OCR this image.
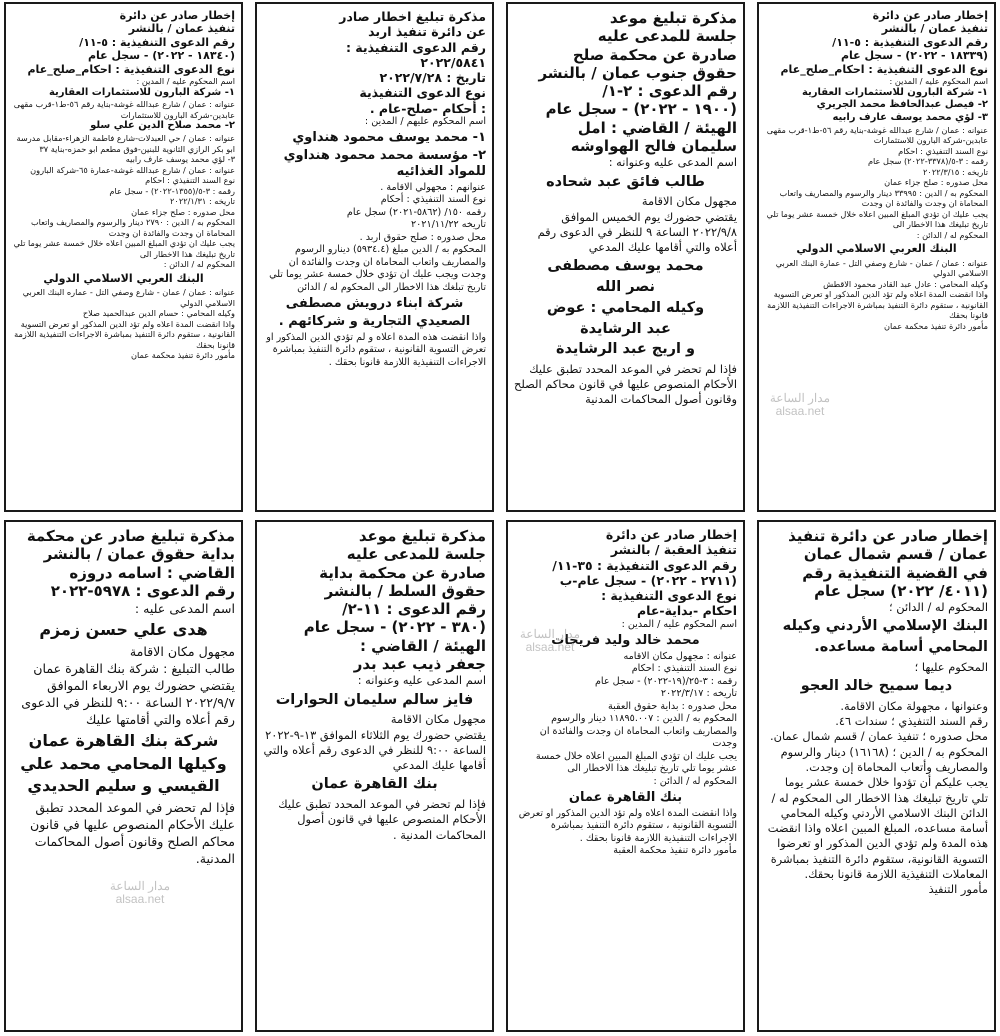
إخطار صادر عن دائرة

تنفيذ عمان / بالنشر

رقم الدعوى التنفيذية : ٥-١١/

(١٨٣٣٩ - ٢٠٢٢) - سجل عام

نوع الدعوى التنفيذية : احكام_صلح_عام

اسم المحكوم عليه / المدين :

١- شركة البارون للاستثمارات العقارية

٢- فيصل عبدالحافظ محمد الجريري

٣- لؤي محمد يوسف عارف رابيه

عنوانه : عمان / شارع عبدالله غوشة-بناية رقم ٥٦-ط١-قرب مقهى عابدين-شركة البارون للاستثمارات

نوع السند التنفيذي : احكام

رقمه : ٣-٥/(٣٣٧٨-٢٠٢٢) سجل عام

تاريخه : ٢٠٢٢/٣/١٥

محل صدوره : صلح جزاء عمان

المحكوم به / الدين : ٣٣٩٩٥ دينار والرسوم والمصاريف واتعاب المحاماة ان وجدت والفائدة ان وجدت

يجب عليك ان تؤدي المبلغ المبين اعلاه خلال خمسة عشر يوما تلي تاريخ تبليغك هذا الاخطار الى

المحكوم له / الدائن :

البنك العربي الاسلامي الدولي

عنوانه : عمان / عمان - شارع وصفي التل - عمارة البنك العربي الاسلامي الدولي

وكيله المحامي : عادل عبد القادر محمود الاقطش

واذا انقضت المدة اعلاه ولم تؤد الدين المذكور او تعرض التسوية القانونية ، ستقوم دائرة التنفيذ بمباشرة الاجراءات التنفيذية اللازمة قانونا بحقك

مأمور دائرة تنفيذ محكمة عمان

مذكرة تبليغ موعد

جلسة للمدعى عليه

صادرة عن محكمة صلح

حقوق جنوب عمان / بالنشر

رقم الدعوى : ٢-١/

(١٩٠٠ - ٢٠٢٢) - سجل عام

الهيئة / القاضي : امل

سليمان فالح الهواوشه

اسم المدعى عليه وعنوانه :

طالب فائق عبد شحاده

مجهول مكان الاقامة

يقتضي حضورك يوم الخميس الموافق ٢٠٢٢/٩/٨ الساعة ٩ للنظر في الدعوى رقم أعلاه والتي أقامها عليك المدعي

محمد يوسف مصطفى

نصر الله

وكيله المحامي : عوض

عبد الرشايدة

و اريج عبد الرشايدة

فإذا لم تحضر في الموعد المحدد تطبق عليك الأحكام المنصوص عليها في قانون محاكم الصلح وقانون أصول المحاكمات المدنية

مذكرة تبليغ اخطار صادر

عن دائرة تنفيذ اربد

رقم الدعوى التنفيذية :

٢٠٢٢/٥٨٤١

تاريخ : ٢٠٢٢/٧/٢٨

نوع الدعوى التنفيذية

: أحكام -صلح-عام .

اسم المحكوم عليهم / المدين :

١- محمد يوسف محمود هنداوي

٢- مؤسسة محمد محمود هنداوي للمواد الغذائيه

عنوانهم : مجهولي الاقامة .

نوع السند التنفيذي : أحكام

رقمه ١٥٠/ (٥٨٦٢-٢٠٢١) سجل عام

تاريخه ٢٠٢١/١١/٢٢

محل صدوره : صلح حقوق اربد .

المحكوم به / الدين مبلغ (٥٩٣٤.٤) دينارو الرسوم والمصاريف واتعاب المحاماة ان وجدت والفائدة ان وجدت ويجب عليك ان تؤدي خلال خمسة عشر يوما تلي تاريخ تبلغك هذا الاخطار الى المحكوم له / الدائن

شركة ابناء درويش مصطفى

الصعيدي التجارية و شركائهم .

واذا انقضت هذه المدة اعلاه و لم تؤدي الدين المذكور او تعرض التسوية القانونية ، ستقوم دائرة التنفيذ بمباشرة الاجراءات التنفيذية اللازمة قانونا بحقك .

إخطار صادر عن دائرة

تنفيذ عمان / بالنشر

رقم الدعوى التنفيذية : ٥-١١/

(١٨٣٤٠ - ٢٠٢٢) - سجل عام

نوع الدعوى التنفيذية : احكام_صلح_عام

اسم المحكوم عليه / المدين :

١- شركة البارون للاستثمارات العقارية

عنوانه : عمان / شارع عبدالله غوشة-بناية رقم ٥٦-ط١-قرب مقهى عابدين-شركة البارون للاستثمارات

٢- محمد صلاح الدين علي سلو

عنوانه : عمان / حي العبدلات-شارع فاطمة الزهراء-مقابل مدرسة ابو بكر الرازي الثانوية للبنين-فوق مطعم ابو حمزه-بناية ٣٧

٣- لؤي محمد يوسف عارف رابيه

عنوانه : عمان / شارع عبدالله غوشة-عمارة ٦٥-شركة البارون

نوع السند التنفيذي : احكام

رقمه : ٣-٥/(١٣٥٥-٢٠٢٢) - سجل عام

تاريخه : ٢٠٢٢/١/٣١

محل صدوره : صلح جزاء عمان

المحكوم به / الدين : ٢٧٩٠ دينار والرسوم والمصاريف واتعاب المحاماة ان وجدت والفائدة ان وجدت

يجب عليك ان تؤدي المبلغ المبين اعلاه خلال خمسة عشر يوما تلي تاريخ تبليغك هذا الاخطار الى

المحكوم له / الدائن :

البنك العربي الاسلامي الدولي

عنوانه : عمان / عمان - شارع وصفي التل - عماره البنك العربي الاسلامي الدولي

وكيله المحامي : حسام الدين عبدالحميد صلاح

واذا انقضت المدة اعلاه ولم تؤد الدين المذكور او تعرض التسوية القانونية ، ستقوم دائرة التنفيذ بمباشرة الاجراءات التنفيذية اللازمة قانونا بحقك

مأمور دائرة تنفيذ محكمة عمان

إخطار صادر عن دائرة تنفيذ

عمان / قسم شمال عمان

في القضية التنفيذية رقم

(٤٠١١/ ٢٠٢٢) سجل عام

المحكوم له / الدائن ؛

البنك الإسلامي الأردني وكيله

المحامي أسامة مساعده.

المحكوم عليها ؛

ديما سميح خالد العجو

وعنوانها ، مجهولة مكان الاقامة.

رقم السند التنفيذي ؛ سندات ٤٦.

محل صدوره ؛ تنفيذ عمان / قسم شمال عمان.

المحكوم به / الدين ؛ (١٦١٦٨) دينار والرسوم والمصاريف وأتعاب المحاماة إن وجدت.

يجب عليكم أن تؤدوا خلال خمسة عشر يوما تلي تاريخ تبليغك هذا الاخطار الى المحكوم له / الدائن البنك الاسلامي الأردني وكيله المحامي أسامة مساعده، المبلغ المبين اعلاه واذا انقضت هذه المدة ولم تؤدي الدين المذكور او تعرضوا التسوية القانونية، ستقوم دائرة التنفيذ بمباشرة المعاملات التنفيذية اللازمة قانونا بحقك.

مأمور التنفيذ

إخطار صادر عن دائرة

تنفيذ العقبة / بالنشر

رقم الدعوى التنفيذية : ٣٥-١١/

(٢٧١١ - ٢٠٢٢) - سجل عام-ب

نوع الدعوى التنفيذية :

احكام -بداية-عام

اسم المحكوم عليه / المدين :

محمد خالد وليد فريحات

عنوانه : مجهول مكان الاقامه

نوع السند التنفيذي : احكام

رقمه : ٣-٢٥/(١٩-٢٠٢٢) - سجل عام

تاريخه : ٢٠٢٢/٣/١٧

محل صدوره : بداية حقوق العقبة

المحكوم به / الدين : ١١٨٩٥.٠٠٧ دينار والرسوم والمصاريف واتعاب المحاماة ان وجدت والفائدة ان وجدت

يجب عليك ان تؤدي المبلغ المبين اعلاه خلال خمسة عشر يوما تلي تاريخ تبليغك هذا الاخطار الى

المحكوم له / الدائن :

بنك القاهرة عمان

واذا انقضت المدة اعلاه ولم تؤد الدين المذكور او تعرض التسوية القانونية ، ستقوم دائرة التنفيذ بمباشرة الاجراءات التنفيذية اللازمة قانونا بحقك .

مأمور دائرة تنفيذ محكمة العقبة

مذكرة تبليغ موعد

جلسة للمدعى عليه

صادرة عن محكمة بداية

حقوق السلط / بالنشر

رقم الدعوى : ١١-٢/

(٣٨٠ - ٢٠٢٢) - سجل عام

الهيئة / القاضي :

جعفر ذيب عبد بدر

اسم المدعى عليه وعنوانه :

فايز سالم سليمان الحوارات

مجهول مكان الاقامة

يقتضي حضورك يوم الثلاثاء الموافق ١٣-٩-٢٠٢٢ الساعة ٩:٠٠ للنظر في الدعوى رقم أعلاه والتي أقامها عليك المدعي

بنك القاهرة عمان

فإذا لم تحضر في الموعد المحدد تطبق عليك الأحكام المنصوص عليها في قانون أصول المحاكمات المدنية .

مذكرة تبليغ صادر عن محكمة

بداية حقوق عمان / بالنشر

القاضي : اسامه دروزه

رقم الدعوى : ٥٩٧٨-٢٠٢٢

اسم المدعى عليه :

هدى علي حسن زمزم

مجهول مكان الاقامة

طالب التبليغ : شركة بنك القاهرة عمان

يقتضي حضورك يوم الاربعاء الموافق ٢٠٢٢/٩/٧ الساعة ٩:٠٠ للنظر في الدعوى رقم أعلاه والتي أقامتها عليك

شركة بنك القاهرة عمان

وكيلها المحامي محمد علي

القيسي و سليم الحديدي

فإذا لم تحضر في الموعد المحدد تطبق عليك الأحكام المنصوص عليها في قانون محاكم الصلح وقانون أصول المحاكمات المدنية.

مدار الساعة
alsaa.net
مدار الساعة
alsaa.net
مدار الساعة
alsaa.net
